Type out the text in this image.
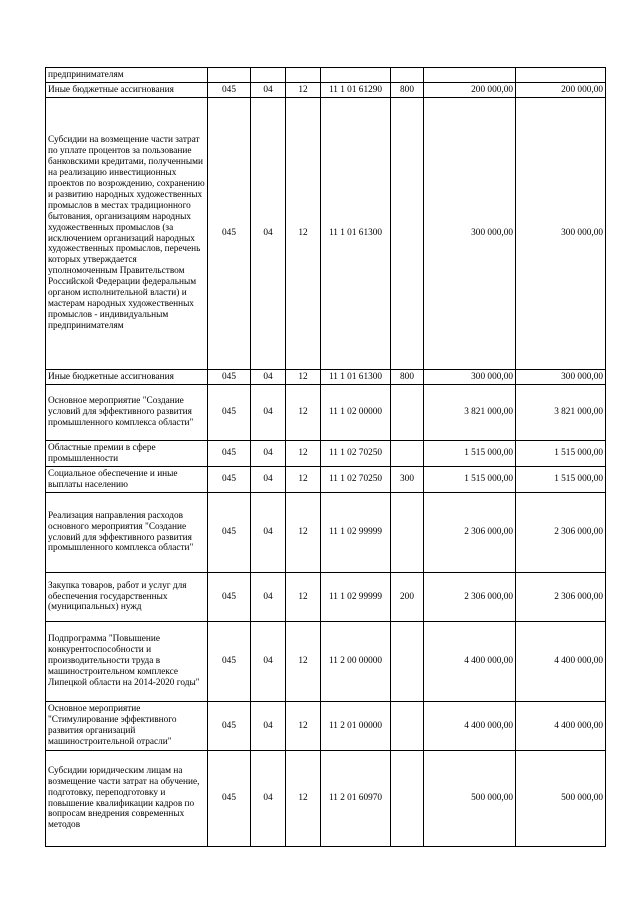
предпринимателям							
Иные бюджетные ассигнования	045	04	12	11 1 01 61290	800	200 000,00	200 000,00
Субсидии на возмещение части затрат по уплате процентов за пользование банковскими кредитами, полученными на реализацию инвестиционных проектов по возрождению, сохранению и развитию народных художественных промыслов в местах традиционного бытования, организациям народных художественных промыслов (за исключением организаций народных художественных промыслов, перечень которых утверждается уполномоченным Правительством Российской Федерации федеральным органом исполнительной власти) и мастерам народных художественных промыслов - индивидуальным предпринимателям	045	04	12	11 1 01 61300		300 000,00	300 000,00
Иные бюджетные ассигнования	045	04	12	11 1 01 61300	800	300 000,00	300 000,00
Основное мероприятие "Создание условий для эффективного развития промышленного комплекса области"	045	04	12	11 1 02 00000		3 821 000,00	3 821 000,00
Областные премии в сфере промышленности	045	04	12	11 1 02 70250		1 515 000,00	1 515 000,00
Социальное обеспечение и иные выплаты населению	045	04	12	11 1 02 70250	300	1 515 000,00	1 515 000,00
Реализация направления расходов основного мероприятия "Создание условий для эффективного развития промышленного комплекса области"	045	04	12	11 1 02 99999		2 306 000,00	2 306 000,00
Закупка товаров, работ и услуг для обеспечения государственных (муниципальных) нужд	045	04	12	11 1 02 99999	200	2 306 000,00	2 306 000,00
Подпрограмма "Повышение конкурентоспособности и производительности труда в машиностроительном комплексе Липецкой области на 2014-2020 годы"	045	04	12	11 2 00 00000		4 400 000,00	4 400 000,00
Основное мероприятие "Стимулирование эффективного развития организаций машиностроительной отрасли"	045	04	12	11 2 01 00000		4 400 000,00	4 400 000,00
Субсидии юридическим лицам на возмещение части затрат на обучение, подготовку, переподготовку и повышение квалификации кадров по вопросам внедрения современных методов	045	04	12	11 2 01 60970		500 000,00	500 000,00
